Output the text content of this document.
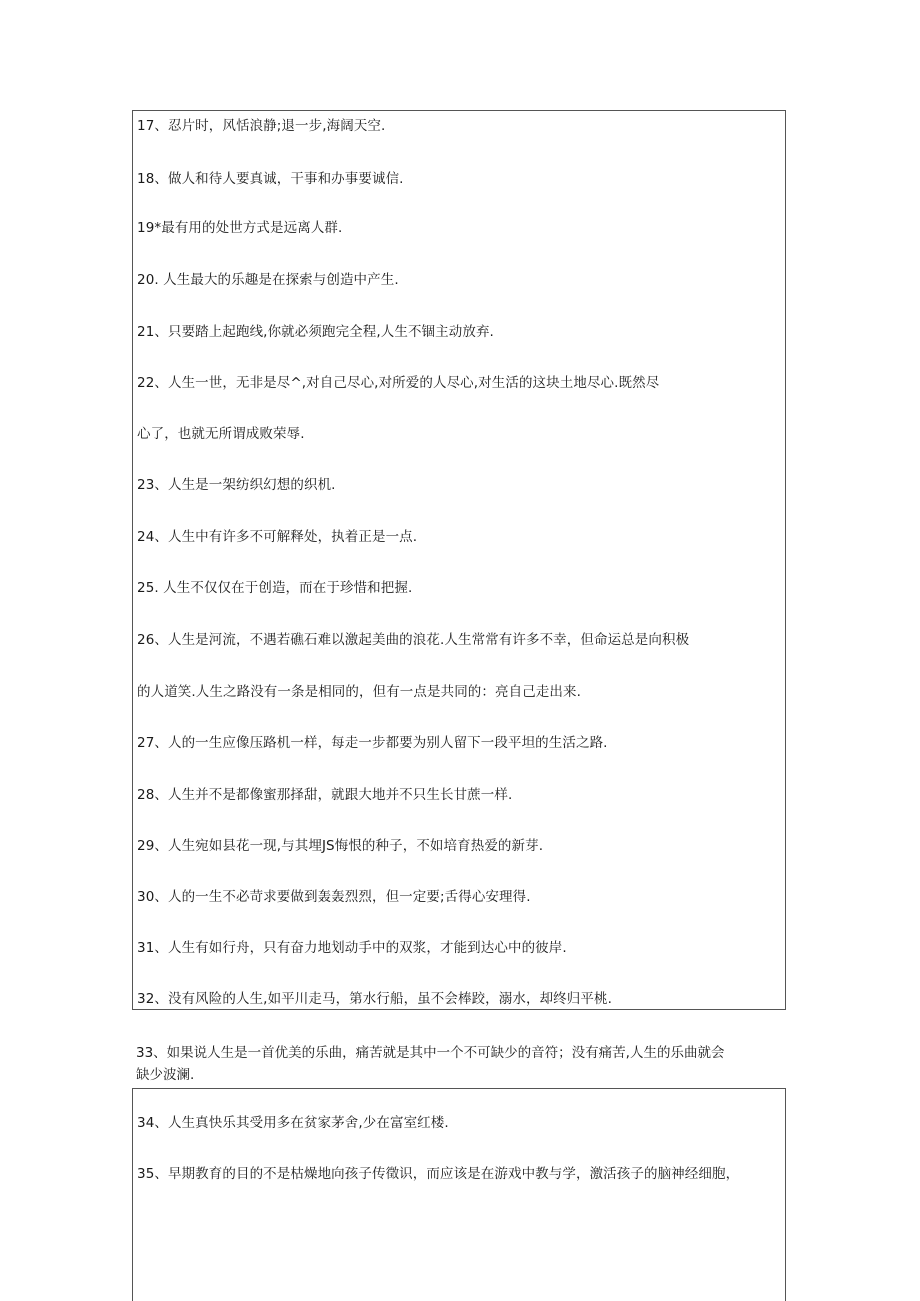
17、忍片时，风恬浪静;退一步,海阔天空.
18、做人和待人要真诚，干事和办事要诚信.
19*最有用的处世方式是远离人群.
20. 人生最大的乐趣是在探索与创造中产生.
21、只要踏上起跑线,你就必须跑完全程,人生不锢主动放弃.
22、人生一世，无非是尽^,对自己尽心,对所爱的人尽心,对生活的这块土地尽心.既然尽
心了，也就无所谓成败荣辱.
23、人生是一架纺织幻想的织机.
24、人生中有许多不可解释处，执着正是一点.
25. 人生不仅仅在于创造，而在于珍惜和把握.
26、人生是河流，不遇若礁石难以激起美曲的浪花.人生常常有许多不幸，但命运总是向积极
的人道笑.人生之路没有一条是相同的，但有一点是共同的：亮自己走出来.
27、人的一生应像压路机一样，每走一步都要为别人留下一段平坦的生活之路.
28、人生并不是都像蜜那择甜，就跟大地并不只生长甘蔗一样.
29、人生宛如县花一现,与其埋JS悔恨的种子，不如培育热爱的新芽.
30、人的一生不必苛求要做到轰轰烈烈，但一定要;舌得心安理得.
31、人生有如行舟，只有奋力地划动手中的双浆，才能到达心中的彼岸.
32、没有风险的人生,如平川走马，第水行船，虽不会棒跤，溺水，却终归平桃.
33、如果说人生是一首优美的乐曲，痛苦就是其中一个不可缺少的音符；没有痛苦,人生的乐曲就会
缺少波澜.
34、人生真快乐其受用多在贫家茅舍,少在富室红楼.
35、早期教育的目的不是枯燥地向孩子传徵识，而应该是在游戏中教与学，激活孩子的脑神经细胞，
